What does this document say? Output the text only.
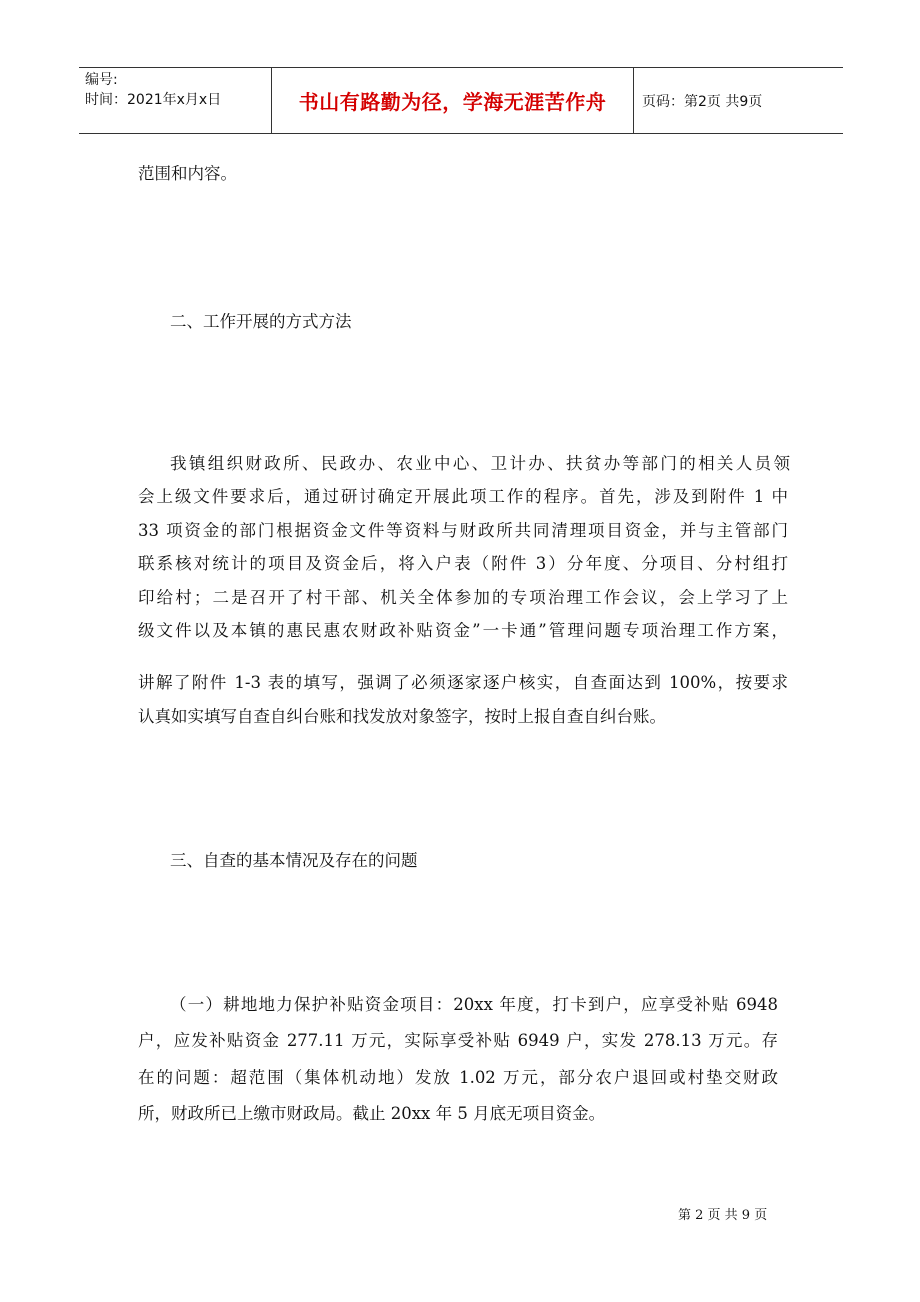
编号:
时间：2021年x月x日	书山有路勤为径，学海无涯苦作舟	页码：第2页 共9页
范围和内容。
二、工作开展的方式方法
我镇组织财政所、民政办、农业中心、卫计办、扶贫办等部门的相关人员领
会上级文件要求后，通过研讨确定开展此项工作的程序。首先，涉及到附件 1 中
33 项资金的部门根据资金文件等资料与财政所共同清理项目资金，并与主管部门
联系核对统计的项目及资金后，将入户表（附件 3）分年度、分项目、分村组打
印给村；二是召开了村干部、机关全体参加的专项治理工作会议，会上学习了上
级文件以及本镇的惠民惠农财政补贴资金”一卡通”管理问题专项治理工作方案，
讲解了附件 1-3 表的填写，强调了必须逐家逐户核实，自查面达到 100%，按要求
认真如实填写自查自纠台账和找发放对象签字，按时上报自查自纠台账。
三、自查的基本情况及存在的问题
（一）耕地地力保护补贴资金项目：20xx 年度，打卡到户，应享受补贴 6948
户，应发补贴资金 277.11 万元，实际享受补贴 6949 户，实发 278.13 万元。存
在的问题：超范围（集体机动地）发放 1.02 万元，部分农户退回或村垫交财政
所，财政所已上缴市财政局。截止 20xx 年 5 月底无项目资金。
第 2 页 共 9 页
